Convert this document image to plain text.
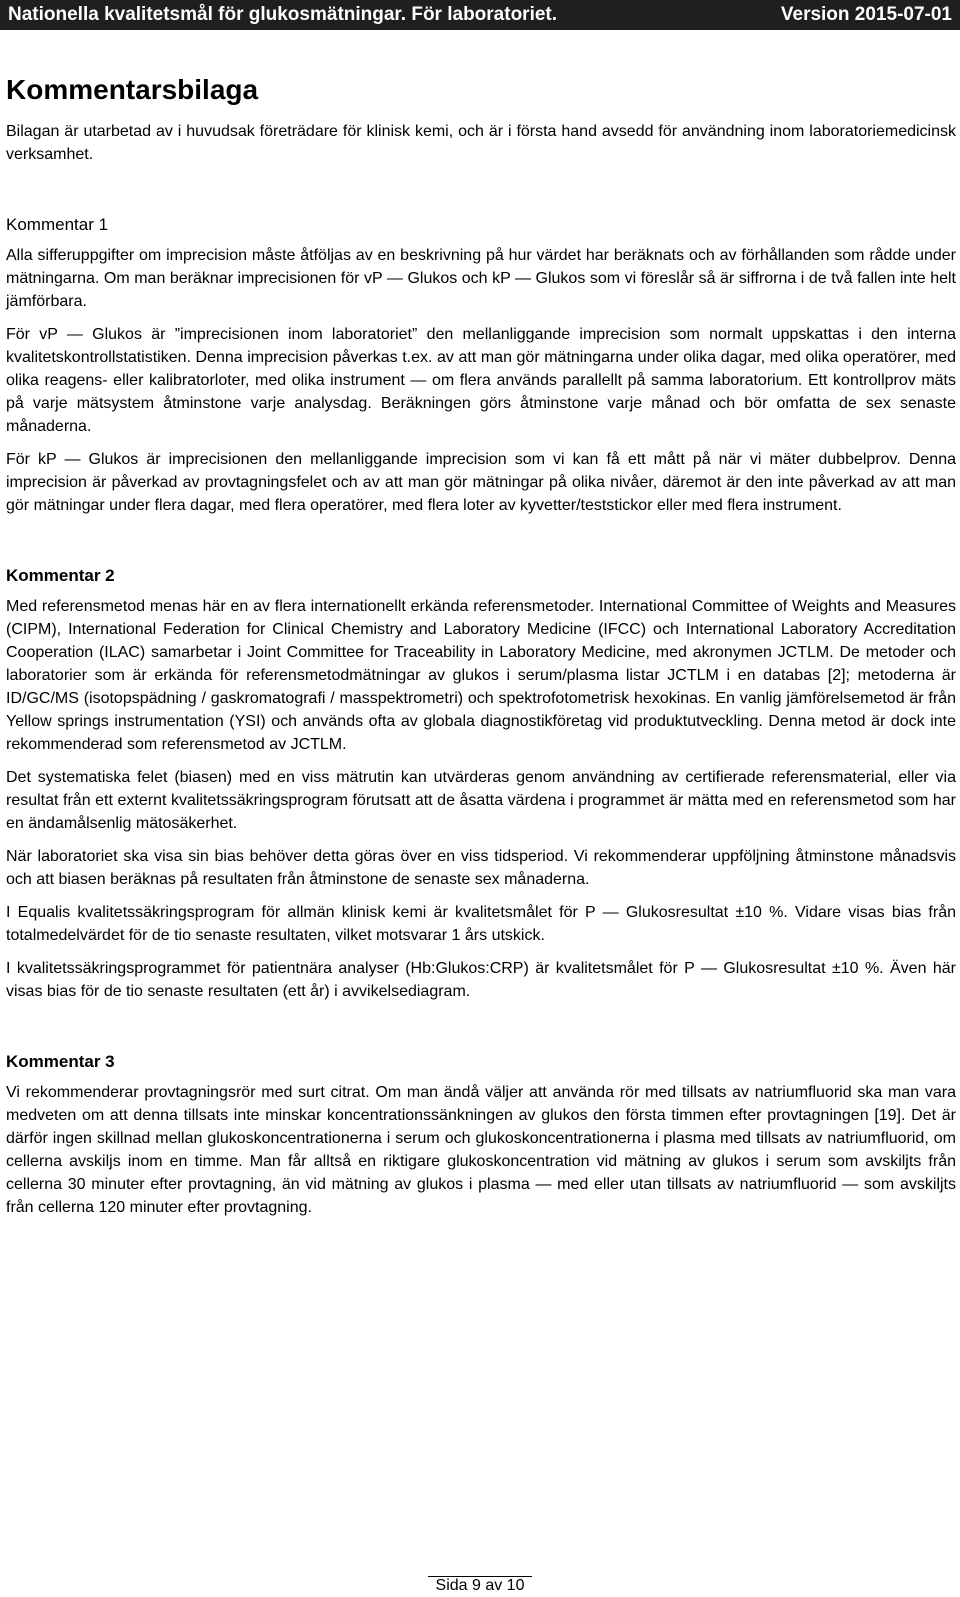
Nationella kvalitetsmål för glukosmätningar. För laboratoriet.	Version 2015-07-01
Kommentarsbilaga

Bilagan är utarbetad av i huvudsak företrädare för klinisk kemi, och är i första hand avsedd för användning inom laboratoriemedicinsk verksamhet.

Kommentar 1

Alla sifferuppgifter om imprecision måste åtföljas av en beskrivning på hur värdet har beräknats och av förhållanden som rådde under mätningarna. Om man beräknar imprecisionen för vP — Glukos och kP — Glukos som vi föreslår så är siffrorna i de två fallen inte helt jämförbara.

För vP — Glukos är ”imprecisionen inom laboratoriet” den mellanliggande imprecision som normalt uppskattas i den interna kvalitetskontrollstatistiken. Denna imprecision påverkas t.ex. av att man gör mätningarna under olika dagar, med olika operatörer, med olika reagens- eller kalibratorloter, med olika instrument — om flera används parallellt på samma laboratorium. Ett kontrollprov mäts på varje mätsystem åtminstone varje analysdag. Beräkningen görs åtminstone varje månad och bör omfatta de sex senaste månaderna.

För kP — Glukos är imprecisionen den mellanliggande imprecision som vi kan få ett mått på när vi mäter dubbelprov. Denna imprecision är påverkad av provtagningsfelet och av att man gör mätningar på olika nivåer, däremot är den inte påverkad av att man gör mätningar under flera dagar, med flera operatörer, med flera loter av kyvetter/teststickor eller med flera instrument.

Kommentar 2

Med referensmetod menas här en av flera internationellt erkända referensmetoder. International Committee of Weights and Measures (CIPM), International Federation for Clinical Chemistry and Laboratory Medicine (IFCC) och International Laboratory Accreditation Cooperation (ILAC) samarbetar i Joint Committee for Traceability in Laboratory Medicine, med akronymen JCTLM. De metoder och laboratorier som är erkända för referensmetodmätningar av glukos i serum/plasma listar JCTLM i en databas [2]; metoderna är ID/GC/MS (isotopspädning / gaskromatografi / masspektrometri) och spektrofotometrisk hexokinas. En vanlig jämförelsemetod är från Yellow springs instrumentation (YSI) och används ofta av globala diagnostikföretag vid produktutveckling. Denna metod är dock inte rekommenderad som referensmetod av JCTLM.

Det systematiska felet (biasen) med en viss mätrutin kan utvärderas genom användning av certifierade referensmaterial, eller via resultat från ett externt kvalitetssäkringsprogram förutsatt att de åsatta värdena i programmet är mätta med en referensmetod som har en ändamålsenlig mätosäkerhet.

När laboratoriet ska visa sin bias behöver detta göras över en viss tidsperiod. Vi rekommenderar uppföljning åtminstone månadsvis och att biasen beräknas på resultaten från åtminstone de senaste sex månaderna.

I Equalis kvalitetssäkringsprogram för allmän klinisk kemi är kvalitetsmålet för P — Glukosresultat ±10 %. Vidare visas bias från totalmedelvärdet för de tio senaste resultaten, vilket motsvarar 1 års utskick.

I kvalitetssäkringsprogrammet för patientnära analyser (Hb:Glukos:CRP) är kvalitetsmålet för P — Glukosresultat ±10 %. Även här visas bias för de tio senaste resultaten (ett år) i avvikelsediagram.

Kommentar 3

Vi rekommenderar provtagningsrör med surt citrat. Om man ändå väljer att använda rör med tillsats av natriumfluorid ska man vara medveten om att denna tillsats inte minskar koncentrationssänkningen av glukos den första timmen efter provtagningen [19]. Det är därför ingen skillnad mellan glukoskoncentrationerna i serum och glukoskoncentrationerna i plasma med tillsats av natriumfluorid, om cellerna avskiljs inom en timme. Man får alltså en riktigare glukoskoncentration vid mätning av glukos i serum som avskiljts från cellerna 30 minuter efter provtagning, än vid mätning av glukos i plasma — med eller utan tillsats av natriumfluorid — som avskiljts från cellerna 120 minuter efter provtagning.

Sida 9 av 10
